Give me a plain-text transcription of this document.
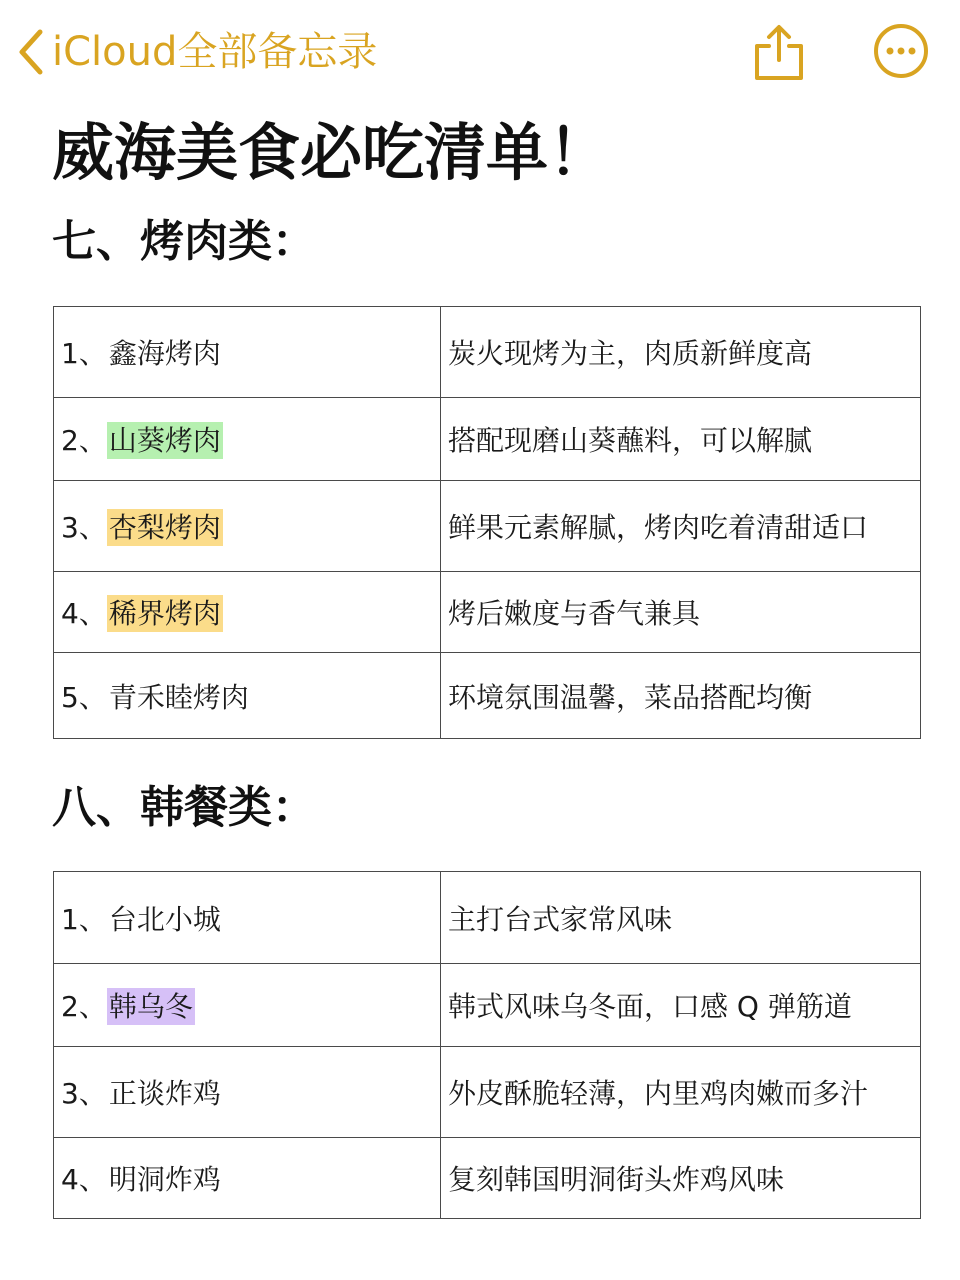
iCloud全部备忘录
威海美食必吃清单！
七、烤肉类：
1、鑫海烤肉	炭火现烤为主，肉质新鲜度高
2、山葵烤肉	搭配现磨山葵蘸料，可以解腻
3、杏梨烤肉	鲜果元素解腻，烤肉吃着清甜适口
4、稀界烤肉	烤后嫩度与香气兼具
5、青禾睦烤肉	环境氛围温馨，菜品搭配均衡
八、韩餐类：
1、台北小城	主打台式家常风味
2、韩乌冬	韩式风味乌冬面，口感 Q 弹筋道
3、正谈炸鸡	外皮酥脆轻薄，内里鸡肉嫩而多汁
4、明洞炸鸡	复刻韩国明洞街头炸鸡风味
